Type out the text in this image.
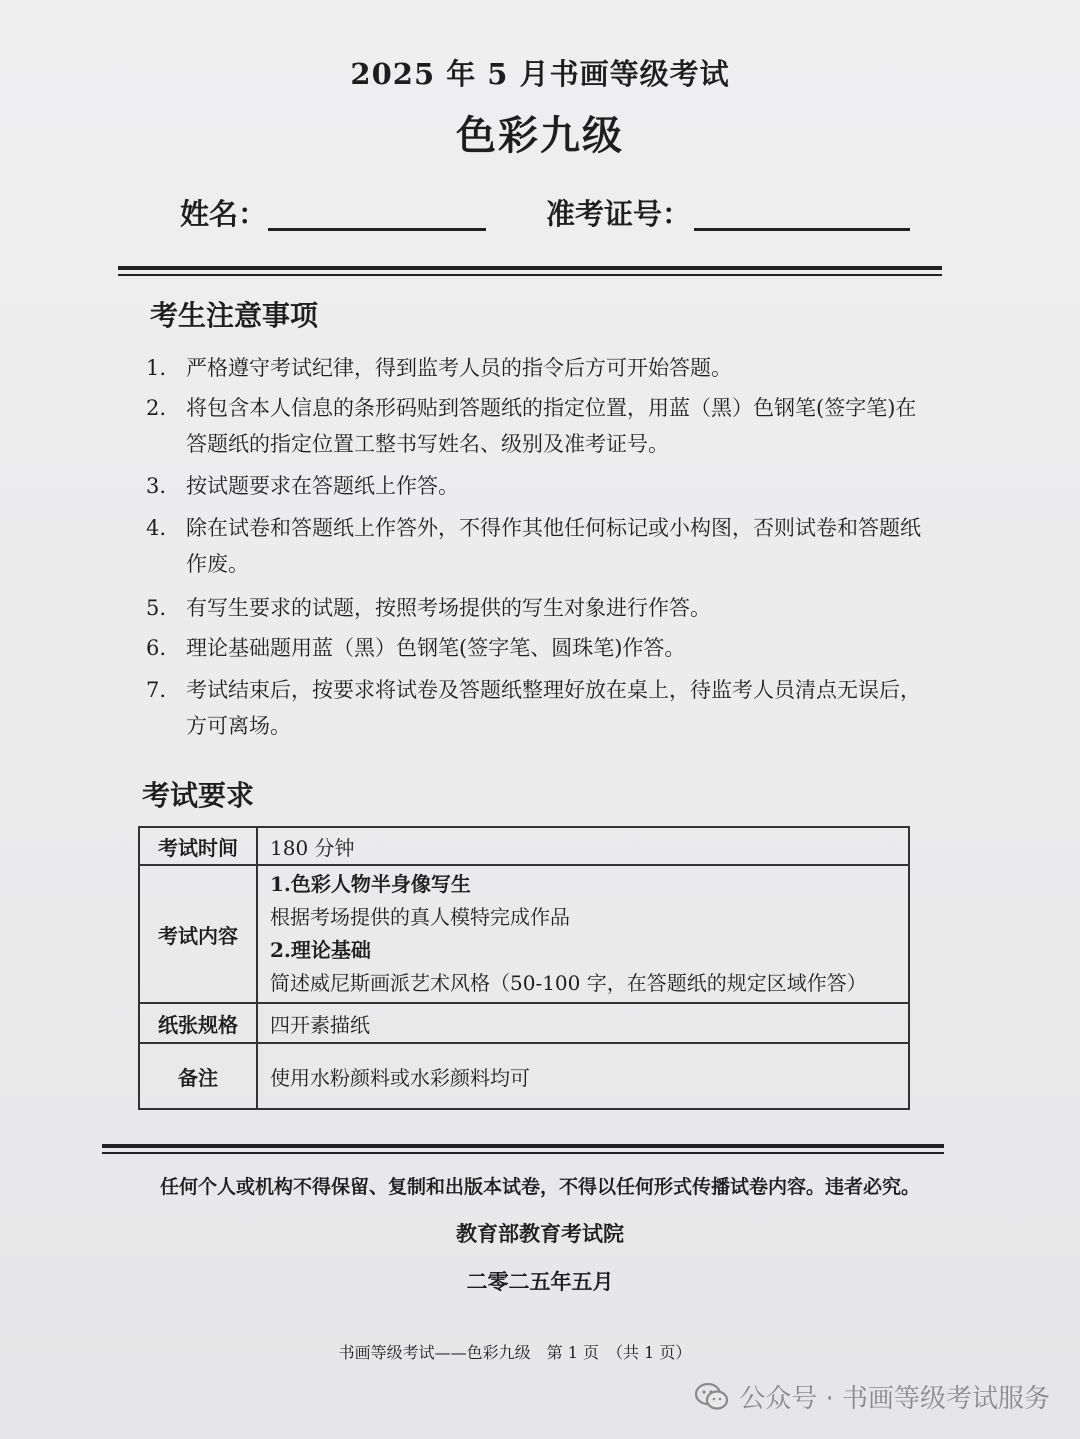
2025 年 5 月书画等级考试
色彩九级
姓名：	准考证号：
考生注意事项
1. 严格遵守考试纪律，得到监考人员的指令后方可开始答题。
2. 将包含本人信息的条形码贴到答题纸的指定位置，用蓝（黑）色钢笔(签字笔)在答题纸的指定位置工整书写姓名、级别及准考证号。
3. 按试题要求在答题纸上作答。
4. 除在试卷和答题纸上作答外，不得作其他任何标记或小构图，否则试卷和答题纸作废。
5. 有写生要求的试题，按照考场提供的写生对象进行作答。
6. 理论基础题用蓝（黑）色钢笔(签字笔、圆珠笔)作答。
7. 考试结束后，按要求将试卷及答题纸整理好放在桌上，待监考人员清点无误后，方可离场。
考试要求
考试时间	180 分钟
考试内容	1.色彩人物半身像写生
根据考场提供的真人模特完成作品
2.理论基础
简述威尼斯画派艺术风格（50-100 字，在答题纸的规定区域作答）

纸张规格	四开素描纸
备注	使用水粉颜料或水彩颜料均可
任何个人或机构不得保留、复制和出版本试卷，不得以任何形式传播试卷内容。违者必究。
教育部教育考试院
二零二五年五月
书画等级考试——色彩九级　第 1 页　（共 1 页）
公众号 · 书画等级考试服务
